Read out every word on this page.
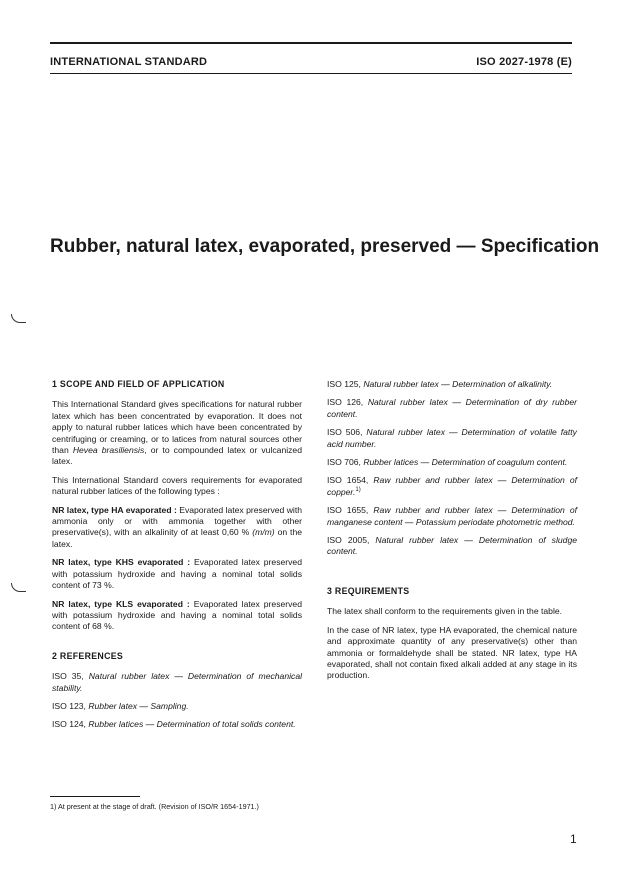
INTERNATIONAL STANDARD	ISO 2027-1978 (E)
Rubber, natural latex, evaporated, preserved — Specification
1 SCOPE AND FIELD OF APPLICATION

This International Standard gives specifications for natural rubber latex which has been concentrated by evaporation. It does not apply to natural rubber latices which have been concentrated by centrifuging or creaming, or to latices from natural sources other than Hevea brasiliensis, or to compounded latex or vulcanized latex.

This International Standard covers requirements for evaporated natural rubber latices of the following types :

NR latex, type HA evaporated : Evaporated latex preserved with ammonia only or with ammonia together with other preservative(s), with an alkalinity of at least 0,60 % (m/m) on the latex.

NR latex, type KHS evaporated : Evaporated latex preserved with potassium hydroxide and having a nominal total solids content of 73 %.

NR latex, type KLS evaporated : Evaporated latex preserved with potassium hydroxide and having a nominal total solids content of 68 %.

2 REFERENCES

ISO 35, Natural rubber latex — Determination of mechanical stability.

ISO 123, Rubber latex — Sampling.

ISO 124, Rubber latices — Determination of total solids content.

ISO 125, Natural rubber latex — Determination of alkalinity.

ISO 126, Natural rubber latex — Determination of dry rubber content.

ISO 506, Natural rubber latex — Determination of volatile fatty acid number.

ISO 706, Rubber latices — Determination of coagulum content.

ISO 1654, Raw rubber and rubber latex — Determination of copper.$^{1)}$

ISO 1655, Raw rubber and rubber latex — Determination of manganese content — Potassium periodate photometric method.

ISO 2005, Natural rubber latex — Determination of sludge content.

3 REQUIREMENTS

The latex shall conform to the requirements given in the table.

In the case of NR latex, type HA evaporated, the chemical nature and approximate quantity of any preservative(s) other than ammonia or formaldehyde shall be stated. NR latex, type HA evaporated, shall not contain fixed alkali added at any stage in its production.

1) At present at the stage of draft. (Revision of ISO/R 1654-1971.)
1
